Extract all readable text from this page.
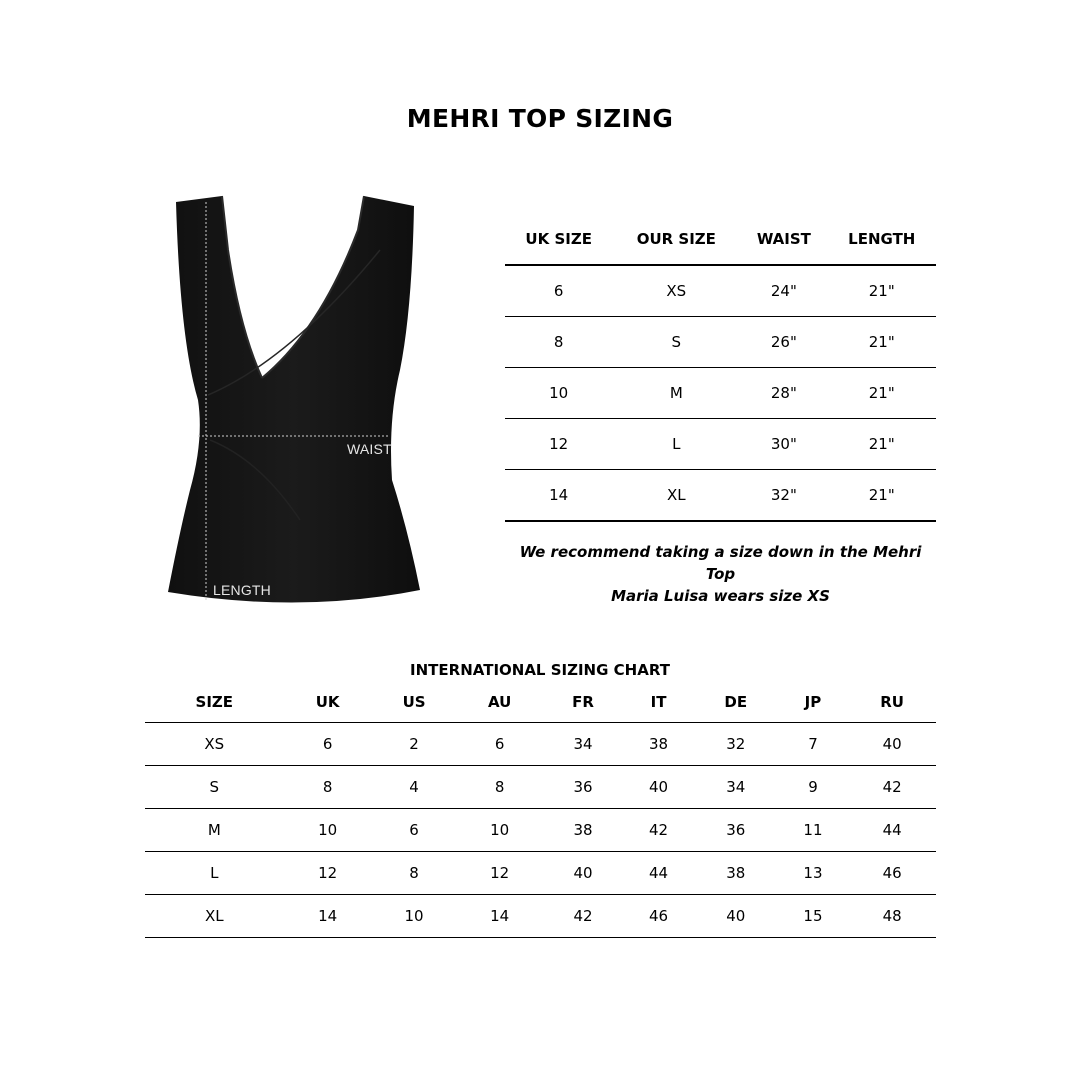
MEHRI TOP SIZING
WAIST
LENGTH
UK SIZE	OUR SIZE	WAIST	LENGTH
6	XS	24"	21"
8	S	26"	21"
10	M	28"	21"
12	L	30"	21"
14	XL	32"	21"
We recommend taking a size down in the Mehri Top
Maria Luisa wears size XS
INTERNATIONAL SIZING CHART
SIZE	UK	US	AU	FR	IT	DE	JP	RU
XS	6	2	6	34	38	32	7	40
S	8	4	8	36	40	34	9	42
M	10	6	10	38	42	36	11	44
L	12	8	12	40	44	38	13	46
XL	14	10	14	42	46	40	15	48
